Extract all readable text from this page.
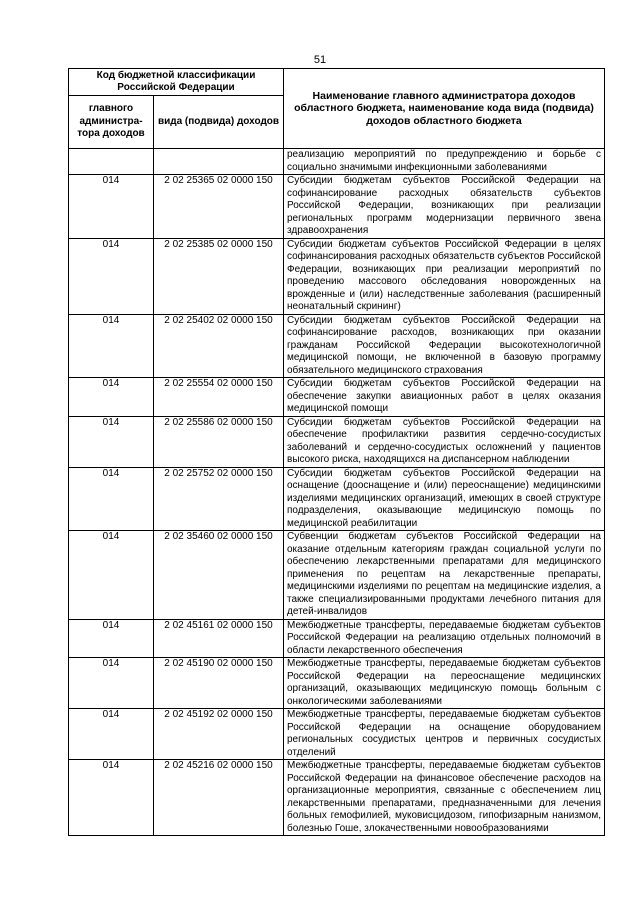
51
Код бюджетной классификации Российской Федерации		Наименование главного администратора доходов областного бюджета, наименование кода вида (подвида) доходов областного бюджета
главного администра-тора доходов	вида (подвида) доходов	
		реализацию мероприятий по предупреждению и борьбе с социально значимыми инфекционными заболеваниями
014	2 02 25365 02 0000 150	Субсидии бюджетам субъектов Российской Федерации на софинансирование расходных обязательств субъектов Российской Федерации, возникающих при реализации региональных программ модернизации первичного звена здравоохранения
014	2 02 25385 02 0000 150	Субсидии бюджетам субъектов Российской Федерации в целях софинансирования расходных обязательств субъектов Российской Федерации, возникающих при реализации мероприятий по проведению массового обследования новорожденных на врожденные и (или) наследственные заболевания (расширенный неонатальный скрининг)
014	2 02 25402 02 0000 150	Субсидии бюджетам субъектов Российской Федерации на софинансирование расходов, возникающих при оказании гражданам Российской Федерации высокотехнологичной медицинской помощи, не включенной в базовую программу обязательного медицинского страхования
014	2 02 25554 02 0000 150	Субсидии бюджетам субъектов Российской Федерации на обеспечение закупки авиационных работ в целях оказания медицинской помощи
014	2 02 25586 02 0000 150	Субсидии бюджетам субъектов Российской Федерации на обеспечение профилактики развития сердечно-сосудистых заболеваний и сердечно-сосудистых осложнений у пациентов высокого риска, находящихся на диспансерном наблюдении
014	2 02 25752 02 0000 150	Субсидии бюджетам субъектов Российской Федерации на оснащение (дооснащение и (или) переоснащение) медицинскими изделиями медицинских организаций, имеющих в своей структуре подразделения, оказывающие медицинскую помощь по медицинской реабилитации
014	2 02 35460 02 0000 150	Субвенции бюджетам субъектов Российской Федерации на оказание отдельным категориям граждан социальной услуги по обеспечению лекарственными препаратами для медицинского применения по рецептам на лекарственные препараты, медицинскими изделиями по рецептам на медицинские изделия, а также специализированными продуктами лечебного питания для детей-инвалидов
014	2 02 45161 02 0000 150	Межбюджетные трансферты, передаваемые бюджетам субъектов Российской Федерации на реализацию отдельных полномочий в области лекарственного обеспечения
014	2 02 45190 02 0000 150	Межбюджетные трансферты, передаваемые бюджетам субъектов Российской Федерации на переоснащение медицинских организаций, оказывающих медицинскую помощь больным с онкологическими заболеваниями
014	2 02 45192 02 0000 150	Межбюджетные трансферты, передаваемые бюджетам субъектов Российской Федерации на оснащение оборудованием региональных сосудистых центров и первичных сосудистых отделений
014	2 02 45216 02 0000 150	Межбюджетные трансферты, передаваемые бюджетам субъектов Российской Федерации на финансовое обеспечение расходов на организационные мероприятия, связанные с обеспечением лиц лекарственными препаратами, предназначенными для лечения больных гемофилией, муковисцидозом, гипофизарным нанизмом, болезнью Гоше, злокачественными новообразованиями
